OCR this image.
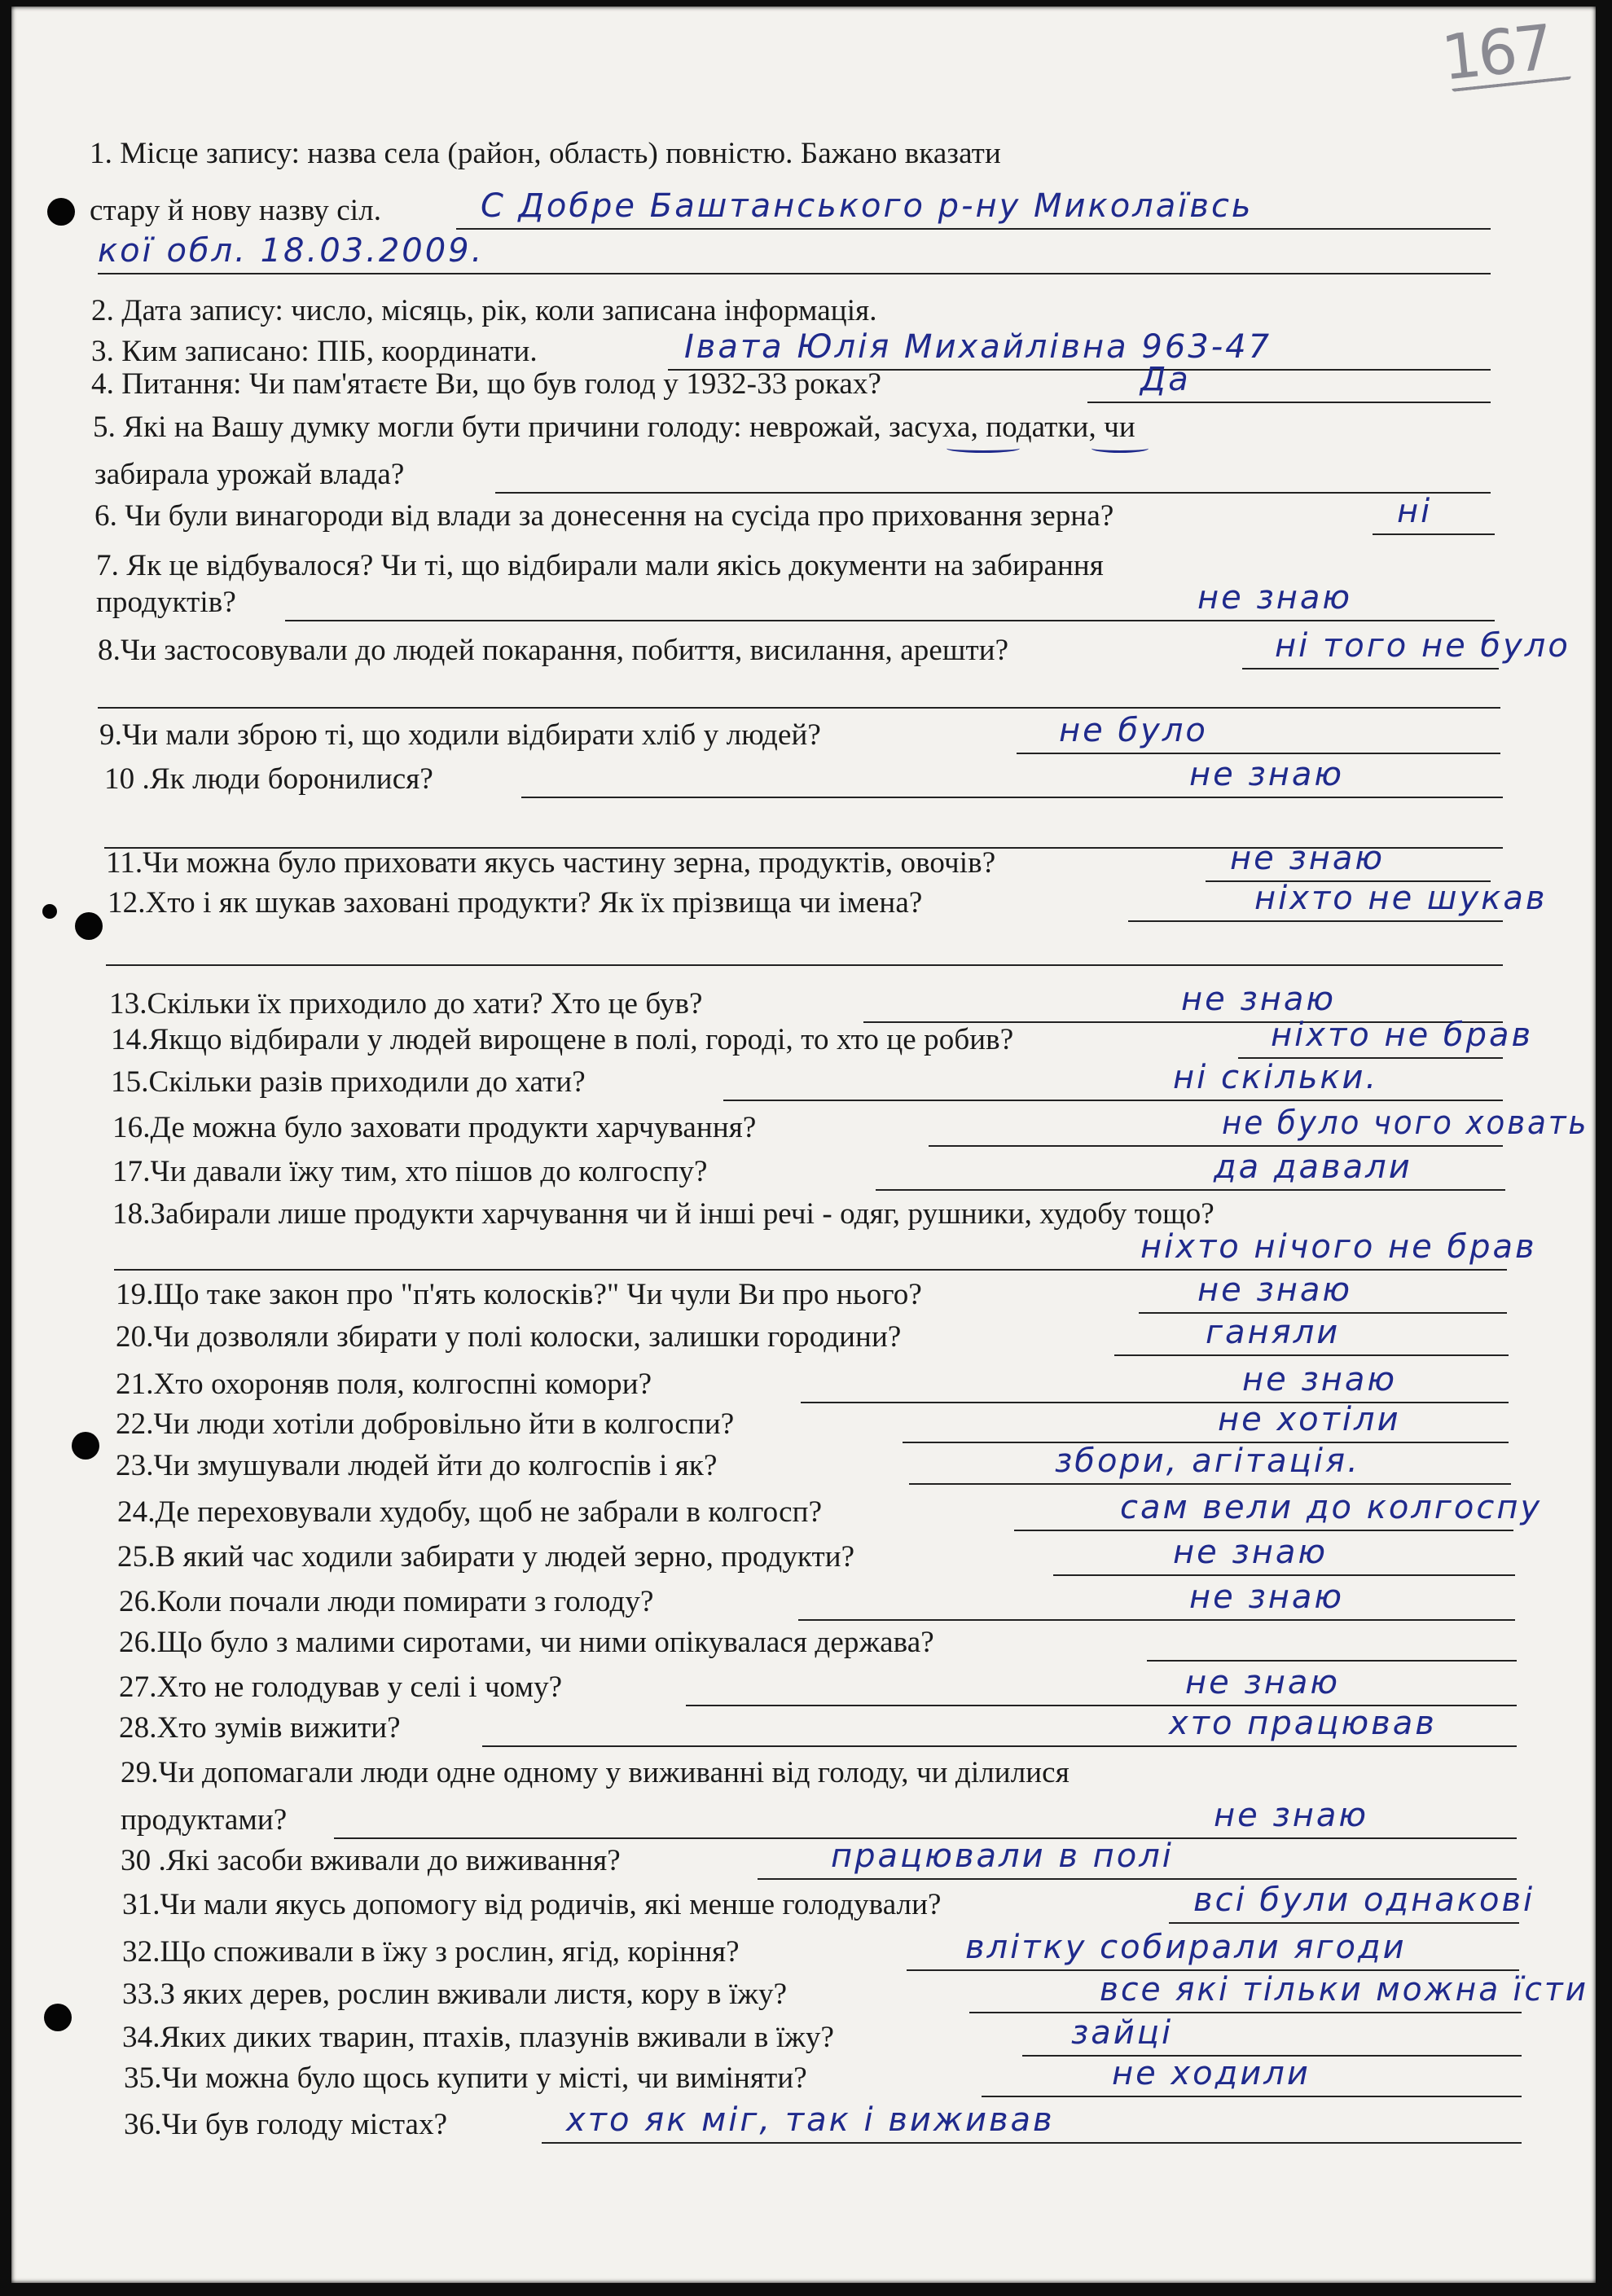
167
1. Місце запису: назва села (район, область) повністю. Бажано вказати
стару й нову назву сіл.	С Добре Баштанського р-ну Миколаївсь
кої обл. 18.03.2009.
2. Дата запису: число, місяць, рік, коли записана інформація.
3. Ким записано: ПІБ, координати.	Івата Юлія Михайлівна 963-47
4. Питання: Чи пам'ятаєте Ви, що був голод у 1932-33 роках?	Да
5. Які на Вашу думку могли бути причини голоду: неврожай, засуха, податки, чи
забирала урожай влада?
6. Чи були винагороди від влади за донесення на сусіда про приховання зерна?	ні
7. Як це відбувалося? Чи ті, що відбирали мали якісь документи на забирання
продуктів?	не знаю
8.Чи застосовували до людей покарання, побиття, висилання, арешти?	ні того не було
9.Чи мали зброю ті, що ходили відбирати хліб у людей?	не було
10 .Як люди боронилися?	не знаю
11.Чи можна було приховати якусь частину зерна, продуктів, овочів?	не знаю
12.Хто і як шукав заховані продукти? Як їх прізвища чи імена?	ніхто не шукав
13.Скільки їх приходило до хати? Хто це був?	не знаю
14.Якщо відбирали у людей вирощене в полі, городі, то хто це робив?	ніхто не брав
15.Скільки разів приходили до хати?	ні скільки.
16.Де можна було заховати продукти харчування?	не було чого ховать
17.Чи давали їжу тим, хто пішов до колгоспу?	да давали
18.Забирали лише продукти харчування чи й інші речі - одяг, рушники, худобу тощо?
ніхто нічого не брав
19.Що таке закон про "п'ять колосків?" Чи чули Ви про нього?	не знаю
20.Чи дозволяли збирати у полі колоски, залишки городини?	ганяли
21.Хто охороняв поля, колгоспні комори?	не знаю
22.Чи люди хотіли добровільно йти в колгоспи?	не хотіли
23.Чи змушували людей йти до колгоспів і як?	збори, агітація.
24.Де переховували худобу, щоб не забрали в колгосп?	сам вели до колгоспу
25.В який час ходили забирати у людей зерно, продукти?	не знаю
26.Коли почали люди помирати з голоду?	не знаю
26.Що було з малими сиротами, чи ними опікувалася держава?
27.Хто не голодував у селі і чому?	не знаю
28.Хто зумів вижити?	хто працював
29.Чи допомагали люди одне одному у виживанні від голоду, чи ділилися
продуктами?	не знаю
30 .Які засоби вживали до виживання?	працювали в полі
31.Чи мали якусь допомогу від родичів, які менше голодували?	всі були однакові
32.Що споживали в їжу з рослин, ягід, коріння?	влітку собирали ягоди
33.З яких дерев, рослин вживали листя, кору в їжу?	все які тільки можна їсти
34.Яких диких тварин, птахів, плазунів вживали в їжу?	зайці
35.Чи можна було щось купити у місті, чи виміняти?	не ходили
36.Чи був голоду містах?	хто як міг, так і виживав
